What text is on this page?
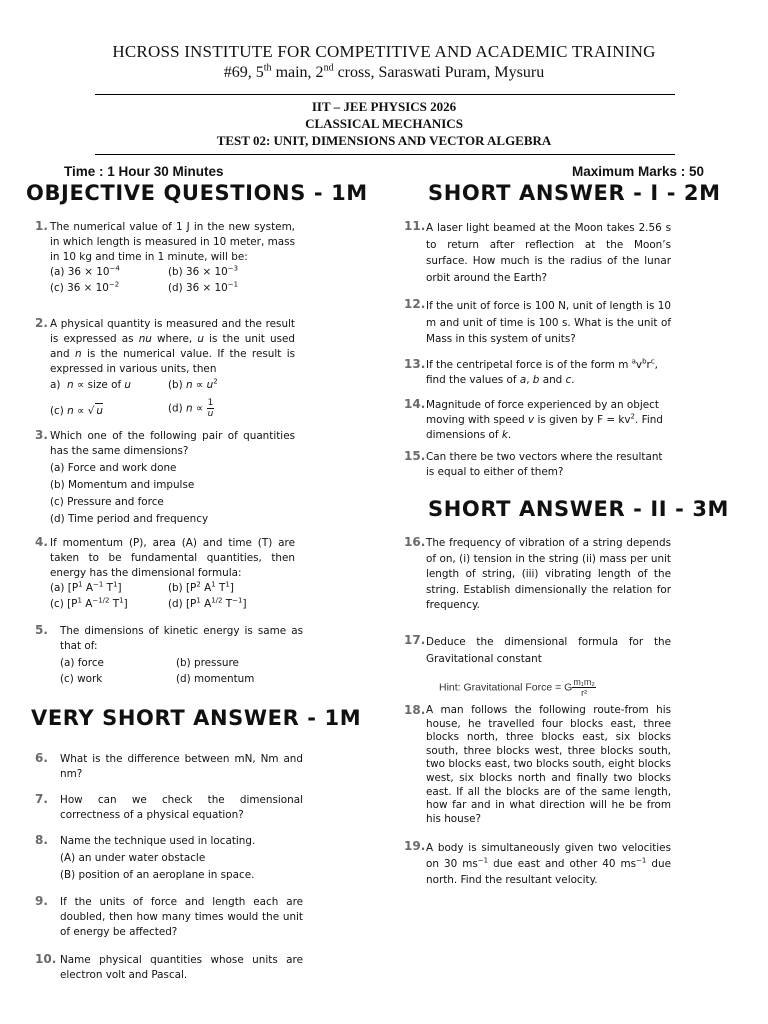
HCROSS INSTITUTE FOR COMPETITIVE AND ACADEMIC TRAINING
#69, 5th main, 2nd cross, Saraswati Puram, Mysuru
IIT – JEE PHYSICS 2026
CLASSICAL MECHANICS
TEST 02: UNIT, DIMENSIONS AND VECTOR ALGEBRA
Time : 1 Hour 30 Minutes	Maximum Marks : 50
OBJECTIVE QUESTIONS - 1M	SHORT ANSWER - I - 2M
VERY SHORT ANSWER - 1M
SHORT ANSWER - II - 3M
1. The numerical value of 1 J in the new system, in which length is measured in 10 meter, mass in 10 kg and time in 1 minute, will be:
(a) $36 \times 10^{-4}$	(b) $36 \times 10^{-3}$
(c) $36 \times 10^{-2}$	(d) $36 \times 10^{-1}$
2. A physical quantity is measured and the result is expressed as nu where, u is the unit used and n is the numerical value. If the result is expressed in various units, then
a) n ∝ size of u	(b) $n \propto u^2$
(c) n ∝ √ u	(d) $n \propto \frac{1}{u}$
3. Which one of the following pair of quantities has the same dimensions?
(a) Force and work done
(b) Momentum and impulse
(c) Pressure and force
(d) Time period and frequency
4. If momentum (P), area (A) and time (T) are taken to be fundamental quantities, then energy has the dimensional formula:
(a) [$P^1$ $A^{-1}$ $T^1$]	(b) [$P^2$ $A^1$ $T^1$]
(c) [$P^1$ $A^{-1/2}$ $T^1$]	(d) [$P^1$ $A^{1/2}$ $T^{-1}$]
5. The dimensions of kinetic energy is same as that of:
(a) force	(b) pressure
(c) work	(d) momentum
6. What is the difference between mN, Nm and nm?
7. How can we check the dimensional correctness of a physical equation?
8. Name the technique used in locating.
(A) an under water obstacle
(B) position of an aeroplane in space.
9. If the units of force and length each are doubled, then how many times would the unit of energy be affected?
10. Name physical quantities whose units are electron volt and Pascal.
11. A laser light beamed at the Moon takes 2.56 s to return after reflection at the Moon’s surface. How much is the radius of the lunar orbit around the Earth?
12. If the unit of force is 100 N, unit of length is 10 m and unit of time is 100 s. What is the unit of Mass in this system of units?
13. If the centripetal force is of the form m $^av^br^c$,
find the values of a, b and c.
14. Magnitude of force experienced by an object moving with speed v is given by $F = kv^2$. Find dimensions of k.
15. Can there be two vectors where the resultant is equal to either of them?
16. The frequency of vibration of a string depends of on, (i) tension in the string (ii) mass per unit length of string, (iii) vibrating length of the string. Establish dimensionally the relation for frequency.
17. Deduce the dimensional formula for the Gravitational constant
Hint: Gravitational Force = G $\frac{\text{m₁m₂}}{\text{r²}}$
18. A man follows the following route-from his house, he travelled four blocks east, three blocks north, three blocks east, six blocks south, three blocks west, three blocks south, two blocks east, two blocks south, eight blocks west, six blocks north and finally two blocks east. If all the blocks are of the same length, how far and in what direction will he be from his house?
19. A body is simultaneously given two velocities on 30 $ms^{-1}$ due east and other 40 $ms^{-1}$ due north. Find the resultant velocity.
